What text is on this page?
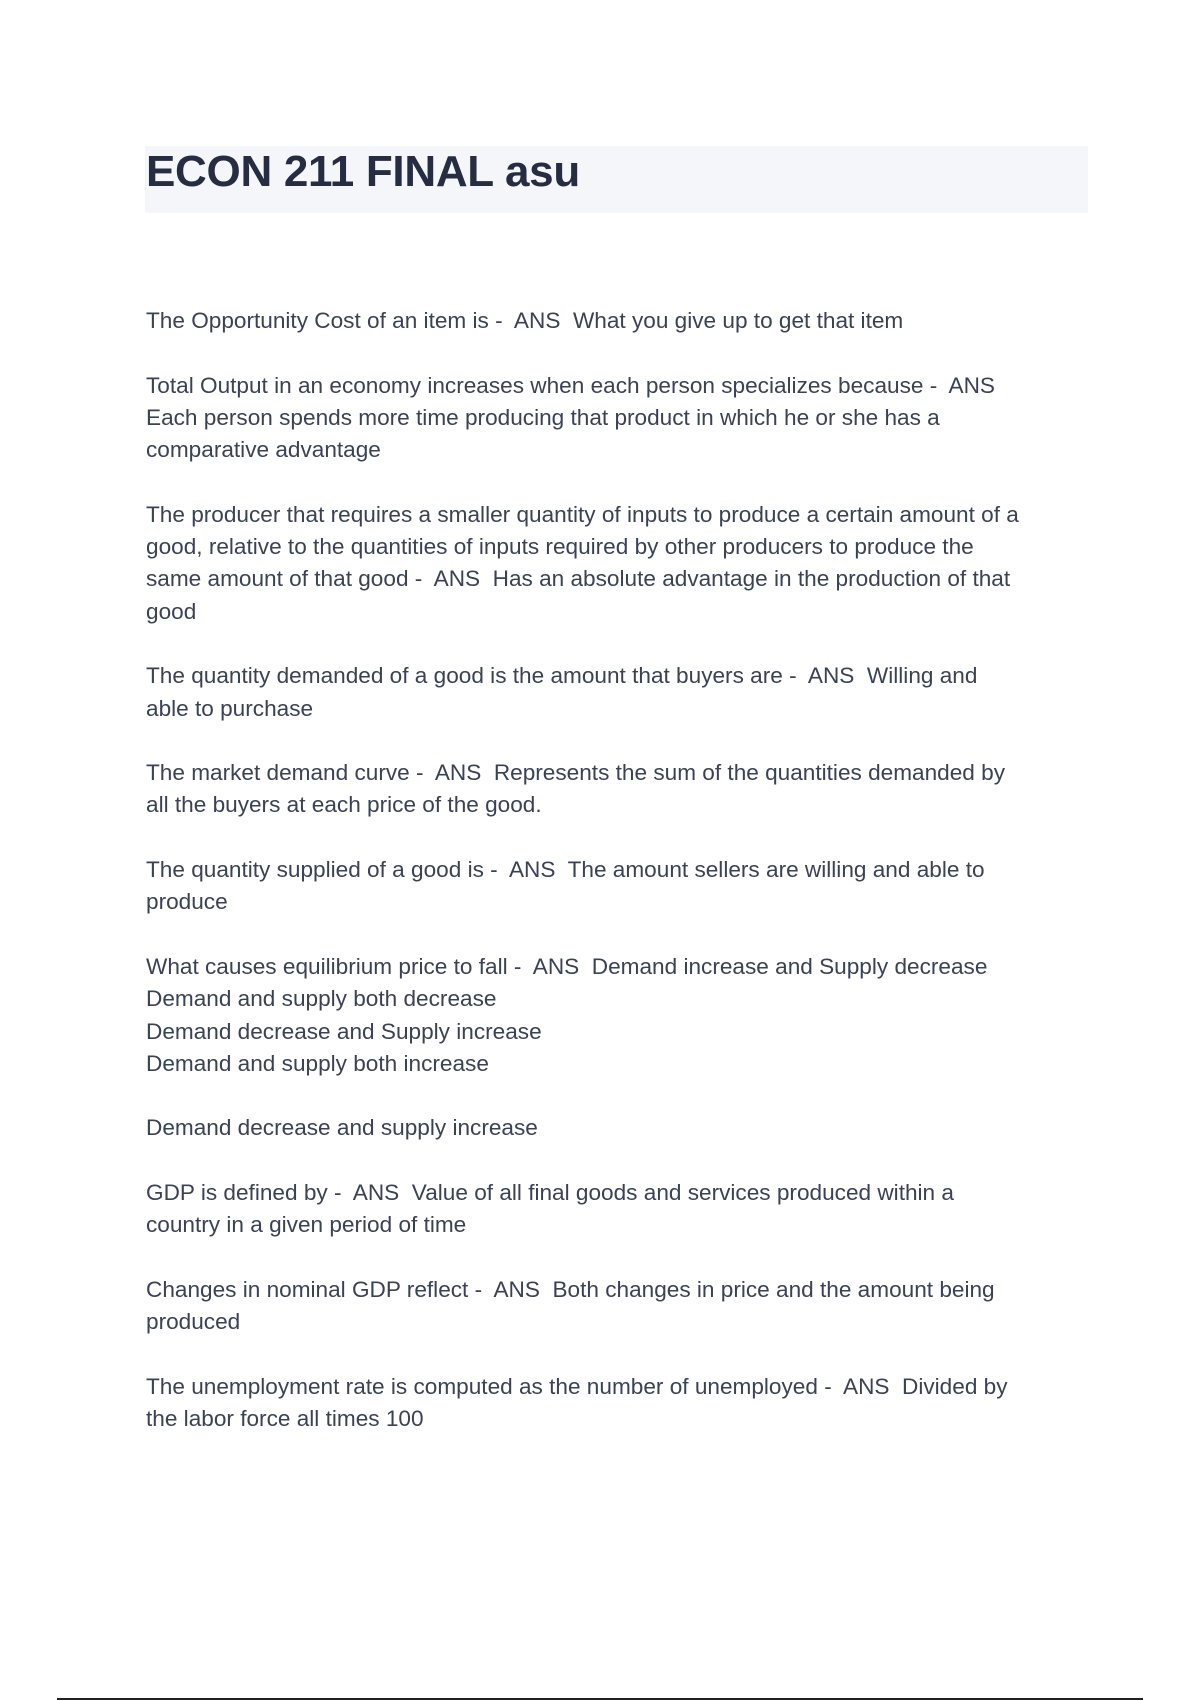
ECON 211 FINAL asu

The Opportunity Cost of an item is -  ANS  What you give up to get that item

Total Output in an economy increases when each person specializes because -  ANS
Each person spends more time producing that product in which he or she has a
comparative advantage

The producer that requires a smaller quantity of inputs to produce a certain amount of a
good, relative to the quantities of inputs required by other producers to produce the
same amount of that good -  ANS  Has an absolute advantage in the production of that
good

The quantity demanded of a good is the amount that buyers are -  ANS  Willing and
able to purchase

The market demand curve -  ANS  Represents the sum of the quantities demanded by
all the buyers at each price of the good.

The quantity supplied of a good is -  ANS  The amount sellers are willing and able to
produce

What causes equilibrium price to fall -  ANS  Demand increase and Supply decrease
Demand and supply both decrease
Demand decrease and Supply increase
Demand and supply both increase

Demand decrease and supply increase

GDP is defined by -  ANS  Value of all final goods and services produced within a
country in a given period of time

Changes in nominal GDP reflect -  ANS  Both changes in price and the amount being
produced

The unemployment rate is computed as the number of unemployed -  ANS  Divided by
the labor force all times 100
